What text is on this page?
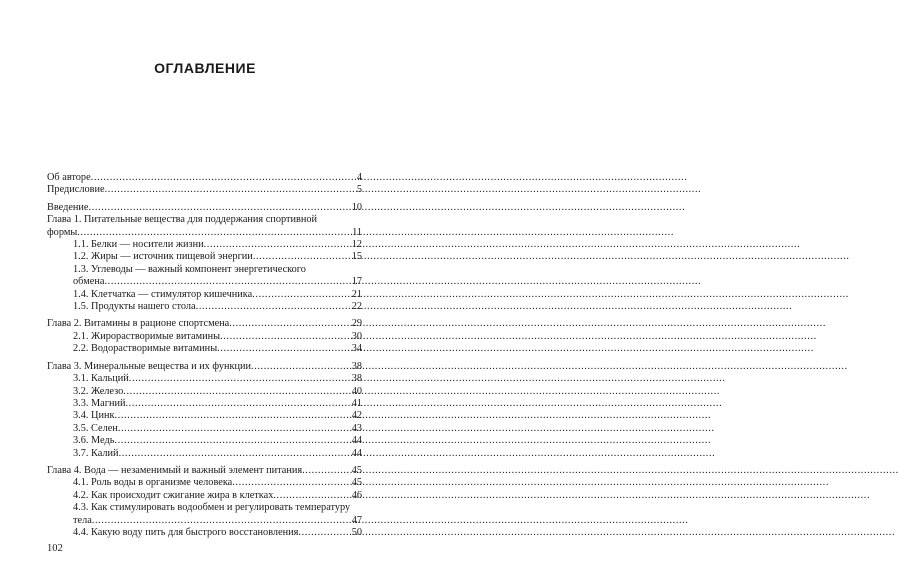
ОГЛАВЛЕНИЕ
Об авторе .....	4
Предисловие .....	5
Введение .....	10
Глава 1. Питательные вещества для поддержания спортивной
формы .....	11
1.1. Белки — носители жизни .....	12
1.2. Жиры — источник пищевой энергии .....	15
1.3. Углеводы — важный компонент энергетического
обмена .....	17
1.4. Клетчатка — стимулятор кишечника .....	21
1.5. Продукты нашего стола .....	22
Глава 2. Витамины в рационе спортсмена .....	29
2.1. Жирорастворимые витамины .....	30
2.2. Водорастворимые витамины .....	34
Глава 3. Минеральные вещества и их функции .....	38
3.1. Кальций .....	38
3.2. Железо .....	40
3.3. Магний .....	41
3.4. Цинк .....	42
3.5. Селен .....	43
3.6. Медь .....	44
3.7. Калий .....	44
Глава 4. Вода — незаменимый и важный элемент питания .....	45
4.1. Роль воды в организме человека .....	45
4.2. Как происходит сжигание жира в клетках .....	46
4.3. Как стимулировать водообмен и регулировать температуру
тела .....	47
4.4. Какую воду пить для быстрого восстановления .....	50
102
